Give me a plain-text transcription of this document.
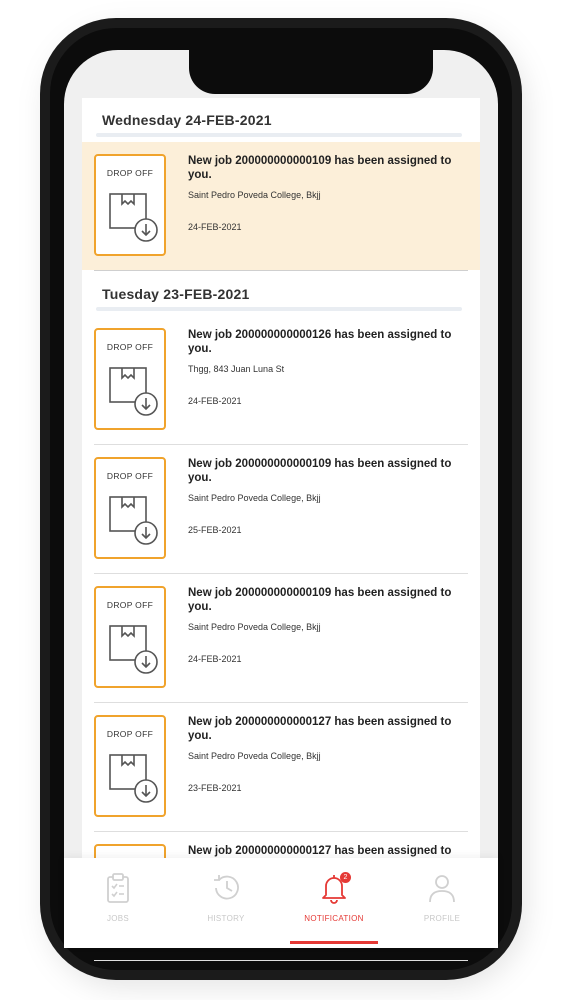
Wednesday 24-FEB-2021
DROP OFF
New job 200000000000109 has been assigned to you.
Saint Pedro Poveda College, Bkjj
24-FEB-2021
Tuesday 23-FEB-2021
DROP OFF
New job 200000000000126 has been assigned to you.
Thgg, 843 Juan Luna St
24-FEB-2021
DROP OFF
New job 200000000000109 has been assigned to you.
Saint Pedro Poveda College, Bkjj
25-FEB-2021
DROP OFF
New job 200000000000109 has been assigned to you.
Saint Pedro Poveda College, Bkjj
24-FEB-2021
DROP OFF
New job 200000000000127 has been assigned to you.
Saint Pedro Poveda College, Bkjj
23-FEB-2021
New job 200000000000127 has been assigned to
JOBS	HISTORY
2
NOTIFICATION	PROFILE
